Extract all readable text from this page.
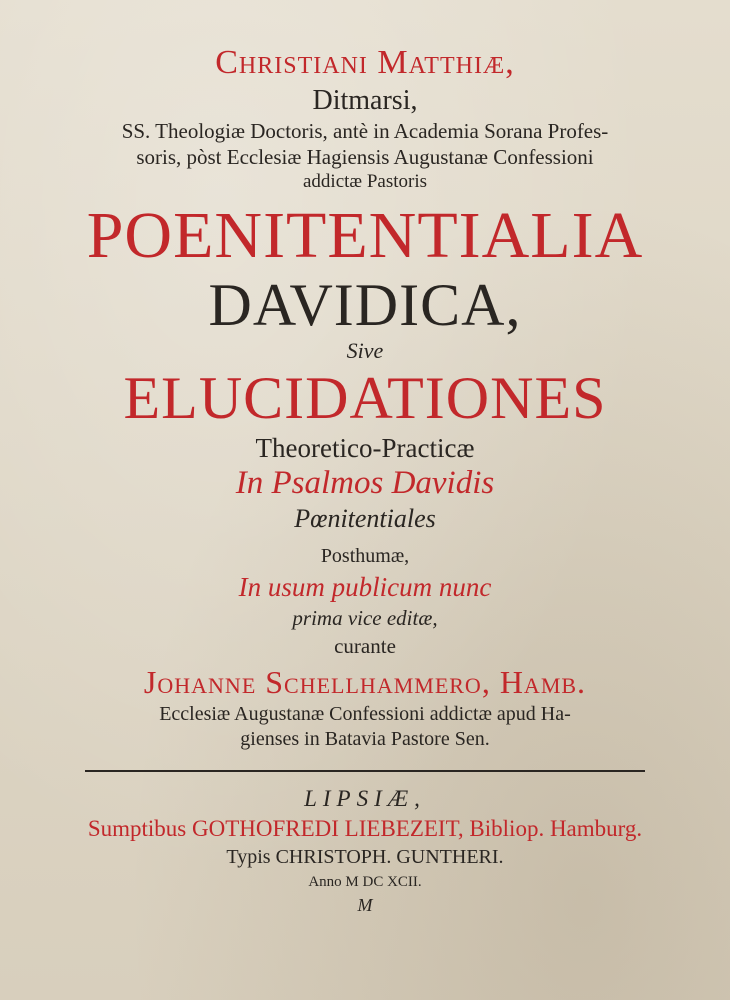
Christiani Matthiæ,
Ditmarsi,
SS. Theologiæ Doctoris, antè in Academia Sorana Profes-
soris, pòst Ecclesiæ Hagiensis Augustanæ Confessioni
addictæ Pastoris
POENITENTIALIA
DAVIDICA,
Sive
ELUCIDATIONES
Theoretico-Practicæ
In Psalmos Davidis
Pœnitentiales
Posthumæ,
In usum publicum nunc
prima vice editæ,
curante
Johanne Schellhammero, Hamb.
Ecclesiæ Augustanæ Confessioni addictæ apud Ha-
gienses in Batavia Pastore Sen.
LIPSIÆ,
Sumptibus GOTHOFREDI LIEBEZEIT, Bibliop. Hamburg.
Typis CHRISTOPH. GUNTHERI.
Anno M DC XCII.
M
